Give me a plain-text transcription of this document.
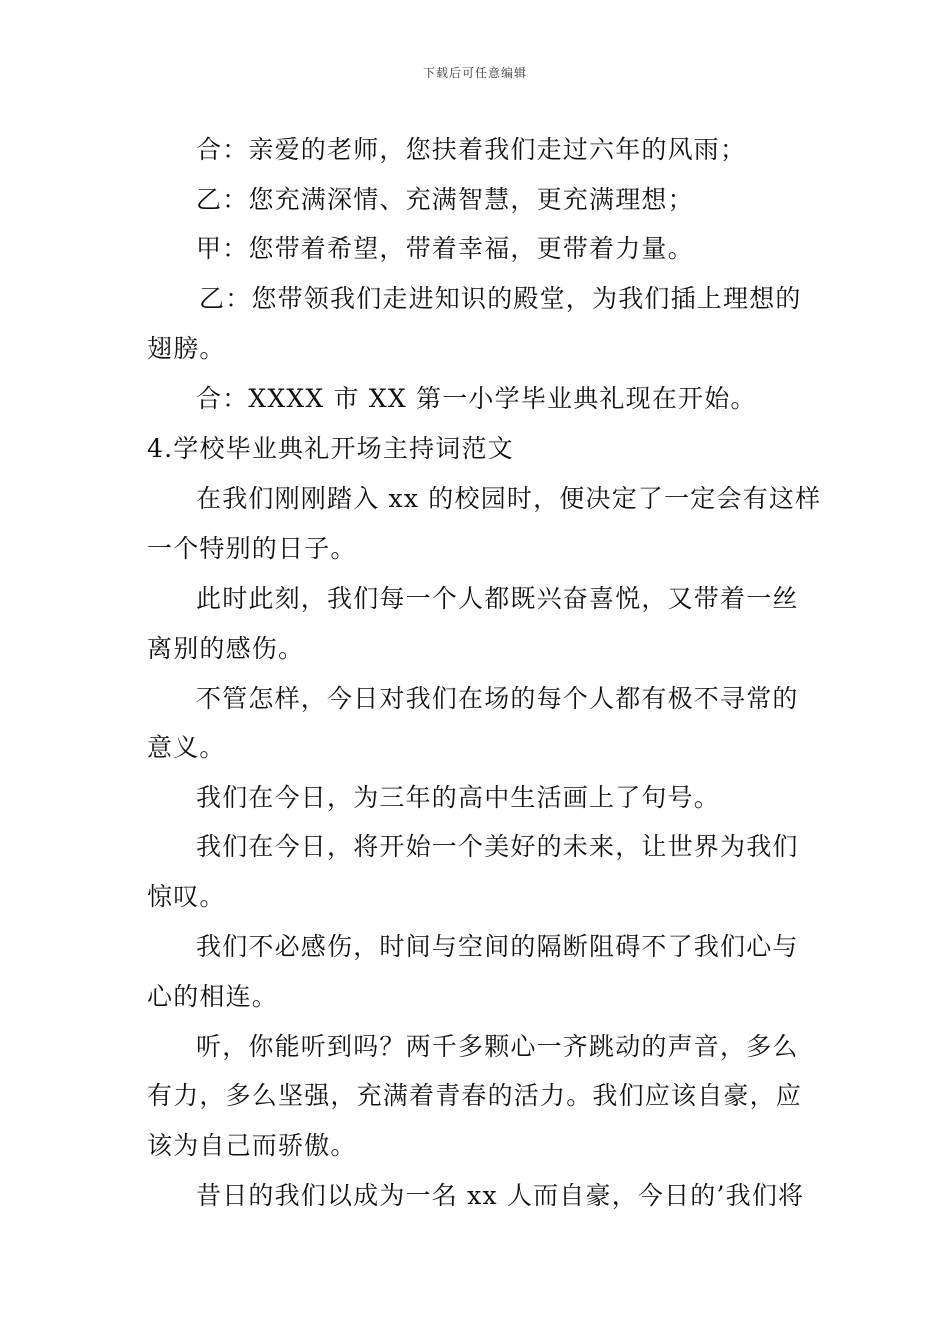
下载后可任意编辑
合：亲爱的老师，您扶着我们走过六年的风雨；
乙：您充满深情、充满智慧，更充满理想；
甲：您带着希望，带着幸福，更带着力量。
乙：您带领我们走进知识的殿堂，为我们插上理想的
翅膀。
合：XXXX 市 XX 第一小学毕业典礼现在开始。
4.学校毕业典礼开场主持词范文
在我们刚刚踏入 xx 的校园时，便决定了一定会有这样
一个特别的日子。
此时此刻，我们每一个人都既兴奋喜悦，又带着一丝
离别的感伤。
不管怎样，今日对我们在场的每个人都有极不寻常的
意义。
我们在今日，为三年的高中生活画上了句号。
我们在今日，将开始一个美好的未来，让世界为我们
惊叹。
我们不必感伤，时间与空间的隔断阻碍不了我们心与
心的相连。
听，你能听到吗？两千多颗心一齐跳动的声音，多么
有力，多么坚强，充满着青春的活力。我们应该自豪，应
该为自己而骄傲。
昔日的我们以成为一名 xx 人而自豪，今日的’我们将
